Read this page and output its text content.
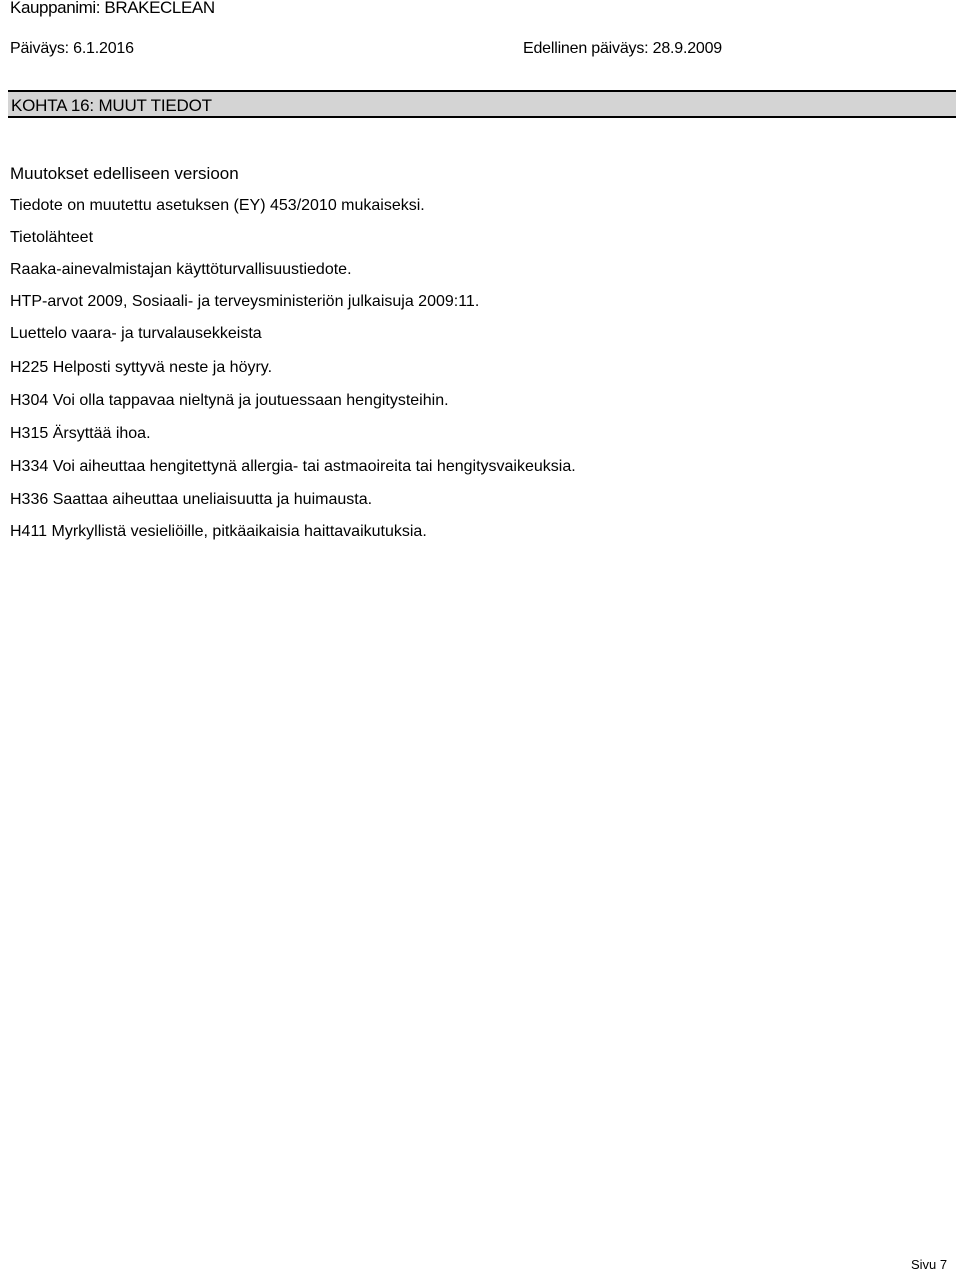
Kauppanimi: BRAKECLEAN
Päiväys: 6.1.2016	Edellinen päiväys: 28.9.2009
KOHTA 16: MUUT TIEDOT
Muutokset edelliseen versioon
Tiedote on muutettu asetuksen (EY) 453/2010 mukaiseksi.
Tietolähteet
Raaka-ainevalmistajan käyttöturvallisuustiedote.
HTP-arvot 2009, Sosiaali- ja terveysministeriön julkaisuja 2009:11.
Luettelo vaara- ja turvalausekkeista
H225 Helposti syttyvä neste ja höyry.
H304 Voi olla tappavaa nieltynä ja joutuessaan hengitysteihin.
H315 Ärsyttää ihoa.
H334 Voi aiheuttaa hengitettynä allergia- tai astmaoireita tai hengitysvaikeuksia.
H336 Saattaa aiheuttaa uneliaisuutta ja huimausta.
H411 Myrkyllistä vesieliöille, pitkäaikaisia haittavaikutuksia.
Sivu 7
